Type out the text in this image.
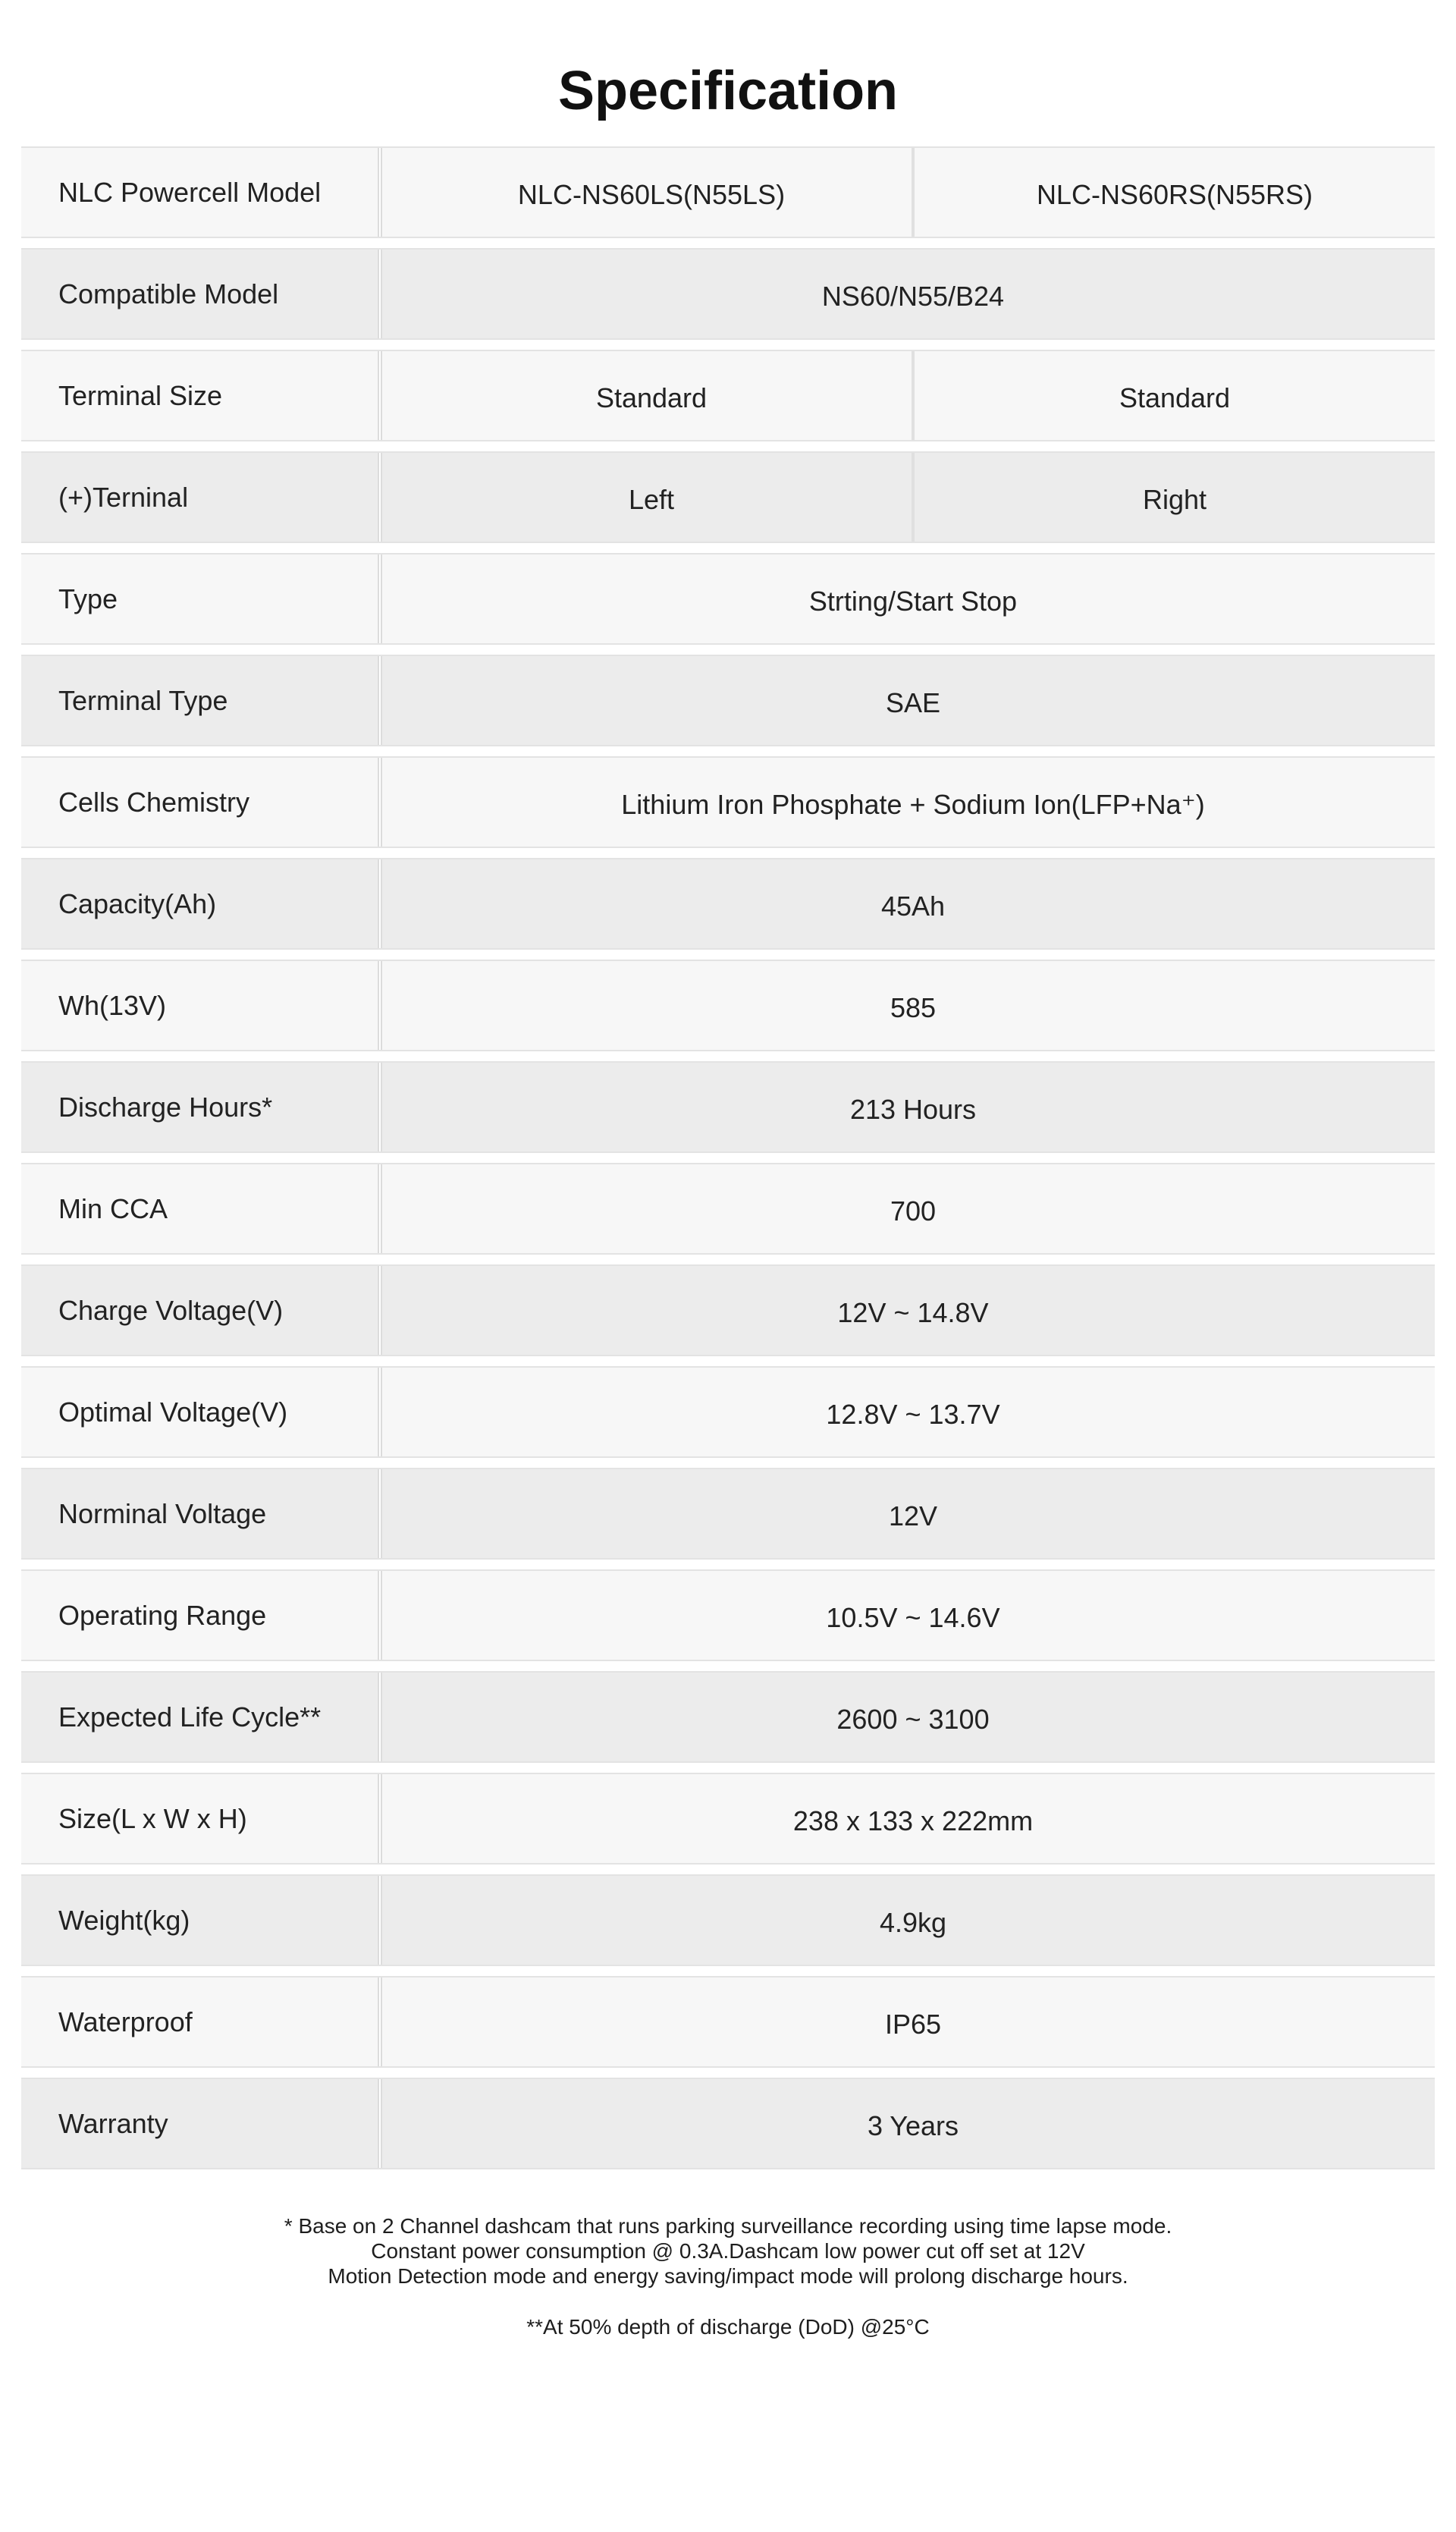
Specification
NLC Powercell Model	NLC-NS60LS(N55LS)	NLC-NS60RS(N55RS)
Compatible Model	NS60/N55/B24
Terminal Size	Standard	Standard
(+)Terninal	Left	Right
Type	Strting/Start Stop
Terminal Type	SAE
Cells Chemistry	Lithium Iron Phosphate + Sodium Ion(LFP+Na⁺)
Capacity(Ah)	45Ah
Wh(13V)	585
Discharge Hours*	213 Hours
Min CCA	700
Charge Voltage(V)	12V ~ 14.8V
Optimal Voltage(V)	12.8V ~ 13.7V
Norminal Voltage	12V
Operating Range	10.5V ~ 14.6V
Expected Life Cycle**	2600 ~ 3100
Size(L x W x H)	238 x 133 x 222mm
Weight(kg)	4.9kg
Waterproof	IP65
Warranty	3 Years

* Base on 2 Channel dashcam that runs parking surveillance recording using time lapse mode.

Constant power consumption @ 0.3A.Dashcam low power cut off set at 12V

Motion Detection mode and energy saving/impact mode will prolong discharge hours.

**At 50% depth of discharge (DoD) @25°C
